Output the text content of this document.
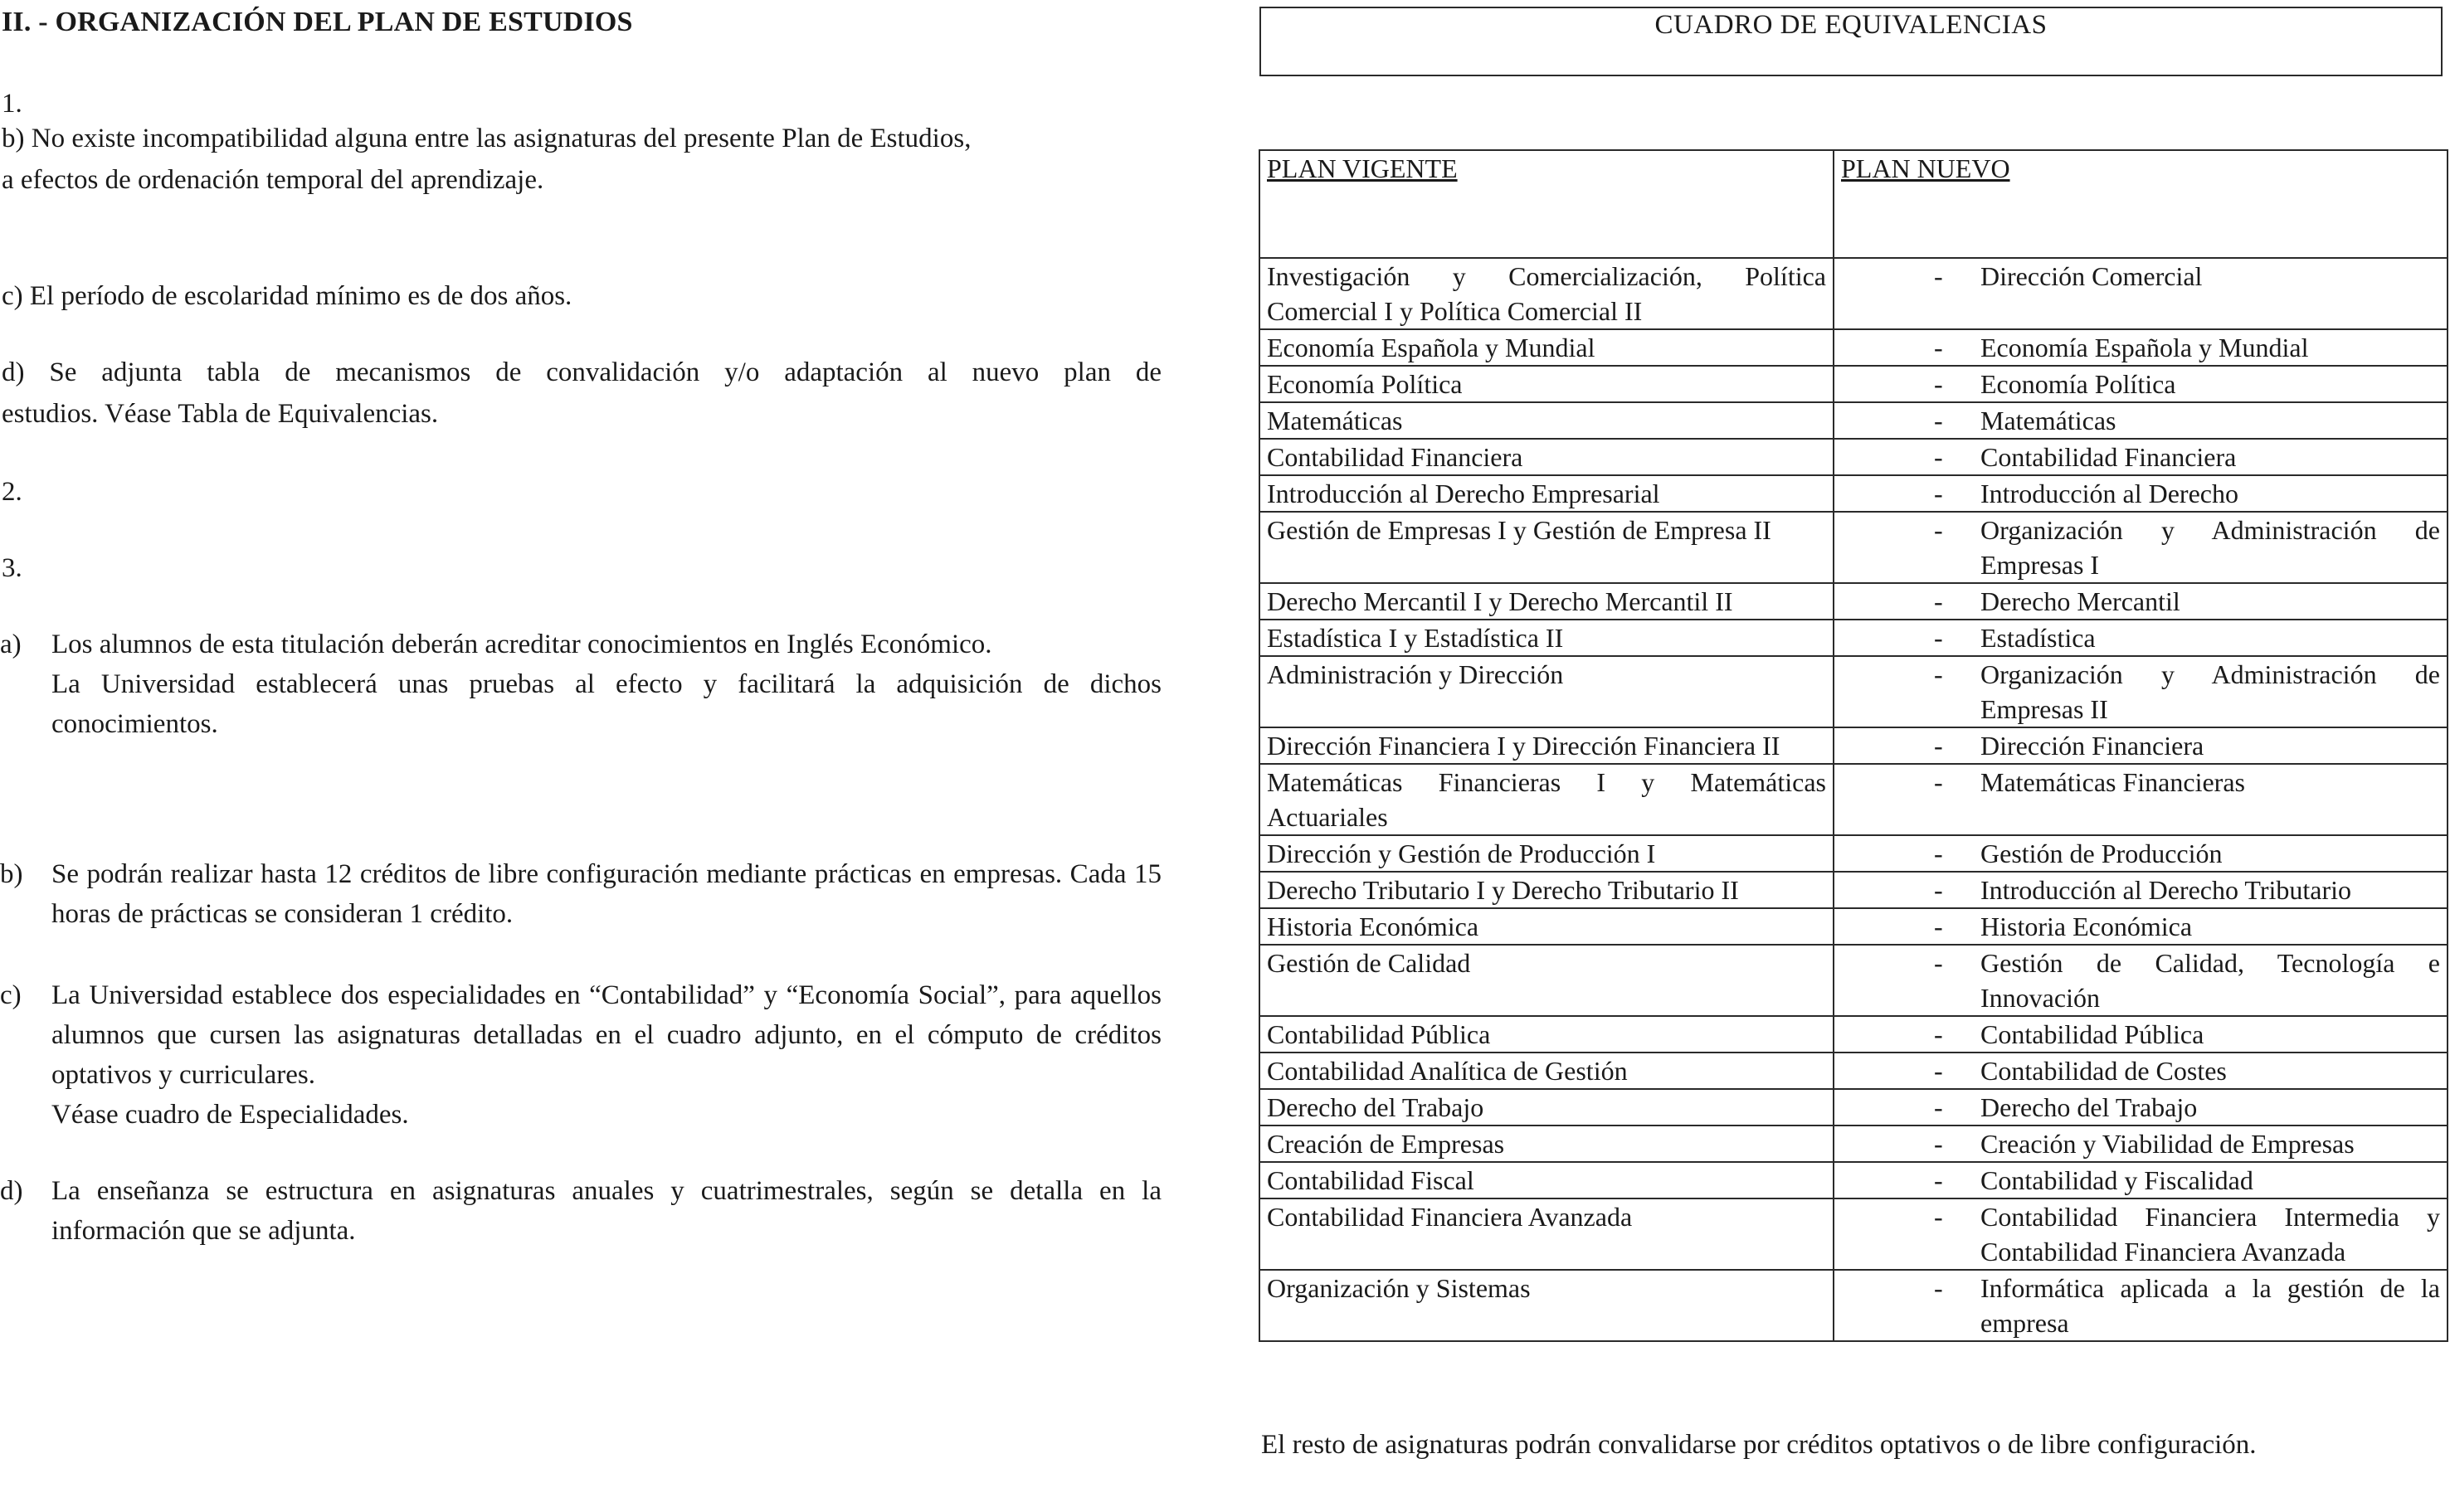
II. - ORGANIZACIÓN DEL PLAN DE ESTUDIOS
1.
b) No existe incompatibilidad alguna entre las asignaturas del presente Plan de Estudios,
a efectos de ordenación temporal del aprendizaje.
c) El período de escolaridad mínimo es de dos años.
d) Se adjunta tabla de mecanismos de convalidación y/o adaptación al nuevo plan de
estudios. Véase Tabla de Equivalencias.
2.
3.
a) Los alumnos de esta titulación deberán acreditar conocimientos en Inglés Económico.

La Universidad establecerá unas pruebas al efecto y facilitará la adquisición de dichos conocimientos.

b) Se podrán realizar hasta 12 créditos de libre configuración mediante prácticas en empresas. Cada 15 horas de prácticas se consideran 1 crédito.

c) La Universidad establece dos especialidades en “Contabilidad” y “Economía Social”, para aquellos alumnos que cursen las asignaturas detalladas en el cuadro adjunto, en el cómputo de créditos optativos y curriculares.

Véase cuadro de Especialidades.

d) La enseñanza se estructura en asignaturas anuales y cuatrimestrales, según se detalla en la información que se adjunta.

CUADRO DE EQUIVALENCIAS
PLAN VIGENTE	PLAN NUEVO

Investigación y Comercialización, Política Comercial I y Política Comercial II	- Dirección Comercial
Economía Española y Mundial	- Economía Española y Mundial
Economía Política	- Economía Política
Matemáticas	- Matemáticas
Contabilidad Financiera	- Contabilidad Financiera
Introducción al Derecho Empresarial	- Introducción al Derecho
Gestión de Empresas I y Gestión de Empresa II	- Organización y Administración de Empresas I
Derecho Mercantil I y Derecho Mercantil II	- Derecho Mercantil
Estadística I y Estadística II	- Estadística
Administración y Dirección	- Organización y Administración de Empresas II
Dirección Financiera I y Dirección Financiera II	- Dirección Financiera
Matemáticas Financieras I y Matemáticas Actuariales	- Matemáticas Financieras
Dirección y Gestión de Producción I	- Gestión de Producción
Derecho Tributario I y Derecho Tributario II	- Introducción al Derecho Tributario
Historia Económica	- Historia Económica
Gestión de Calidad	- Gestión de Calidad, Tecnología e Innovación
Contabilidad Pública	- Contabilidad Pública
Contabilidad Analítica de Gestión	- Contabilidad de Costes
Derecho del Trabajo	- Derecho del Trabajo
Creación de Empresas	- Creación y Viabilidad de Empresas
Contabilidad Fiscal	- Contabilidad y Fiscalidad
Contabilidad Financiera Avanzada	- Contabilidad Financiera Intermedia y Contabilidad Financiera Avanzada
Organización y Sistemas	- Informática aplicada a la gestión de la empresa
El resto de asignaturas podrán convalidarse por créditos optativos o de libre configuración.
